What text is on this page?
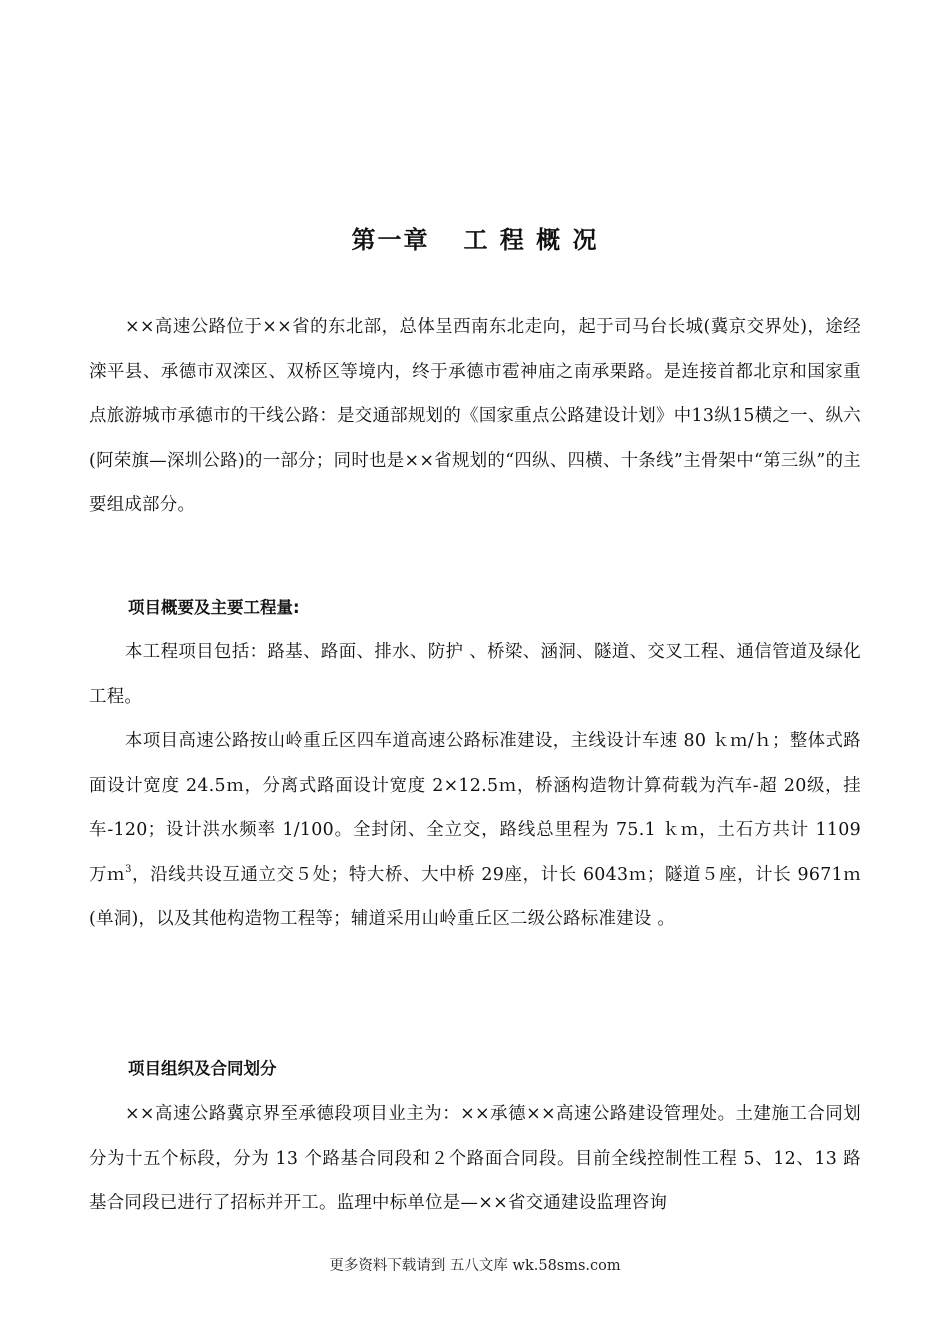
第一章 工 程 概 况

××高速公路位于××省的东北部，总体呈西南东北走向，起于司马台长城(冀京交界处)，途经滦平县、承德市双滦区、双桥区等境内，终于承德市雹神庙之南承栗路。是连接首都北京和国家重点旅游城市承德市的干线公路：是交通部规划的《国家重点公路建设计划》中13纵15横之一、纵六(阿荣旗—深圳公路)的一部分；同时也是××省规划的“四纵、四横、十条线”主骨架中“第三纵”的主要组成部分。

项目概要及主要工程量:

本工程项目包括：路基、路面、排水、防护 、桥梁、涵洞、隧道、交叉工程、通信管道及绿化工程。

本项目高速公路按山岭重丘区四车道高速公路标准建设，主线设计车速 80 ｋｍ/ｈ；整体式路面设计宽度 24.5ｍ，分离式路面设计宽度 2×12.5ｍ，桥涵构造物计算荷载为汽车-超 20级，挂车-120；设计洪水频率 1/100。全封闭、全立交，路线总里程为 75.1 ｋｍ，土石方共计 1109 万ｍ$^3$，沿线共设互通立交５处；特大桥、大中桥 29座，计长 6043ｍ；隧道５座，计长 9671ｍ(单洞)，以及其他构造物工程等；辅道采用山岭重丘区二级公路标准建设 。

项目组织及合同划分

××高速公路冀京界至承德段项目业主为：××承德××高速公路建设管理处。土建施工合同划分为十五个标段，分为 13 个路基合同段和２个路面合同段。目前全线控制性工程 5、12、13 路基合同段已进行了招标并开工。监理中标单位是—××省交通建设监理咨询

更多资料下载请到 五八文库 wk.58sms.com
